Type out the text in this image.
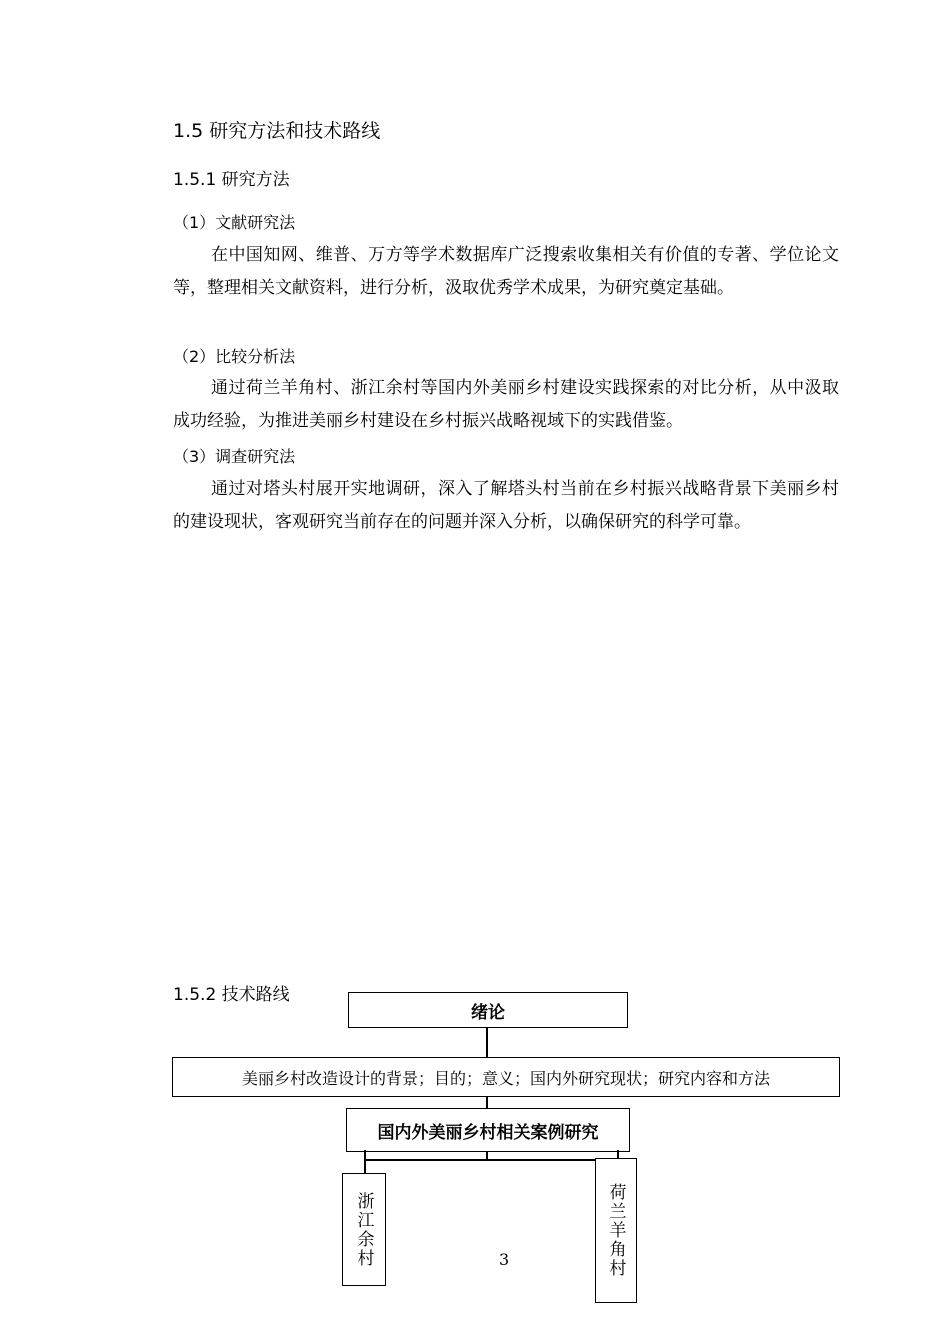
1.5 研究方法和技术路线
1.5.1 研究方法
（1）文献研究法
在中国知网、维普、万方等学术数据库广泛搜索收集相关有价值的专著、学位论文等，整理相关文献资料，进行分析，汲取优秀学术成果，为研究奠定基础。
（2）比较分析法
通过荷兰羊角村、浙江余村等国内外美丽乡村建设实践探索的对比分析，从中汲取成功经验，为推进美丽乡村建设在乡村振兴战略视域下的实践借鉴。
（3）调查研究法
通过对塔头村展开实地调研，深入了解塔头村当前在乡村振兴战略背景下美丽乡村的建设现状，客观研究当前存在的问题并深入分析，以确保研究的科学可靠。
1.5.2 技术路线
绪论
美丽乡村改造设计的背景；目的；意义；国内外研究现状；研究内容和方法
国内外美丽乡村相关案例研究
浙江余村	荷兰羊角村
3
